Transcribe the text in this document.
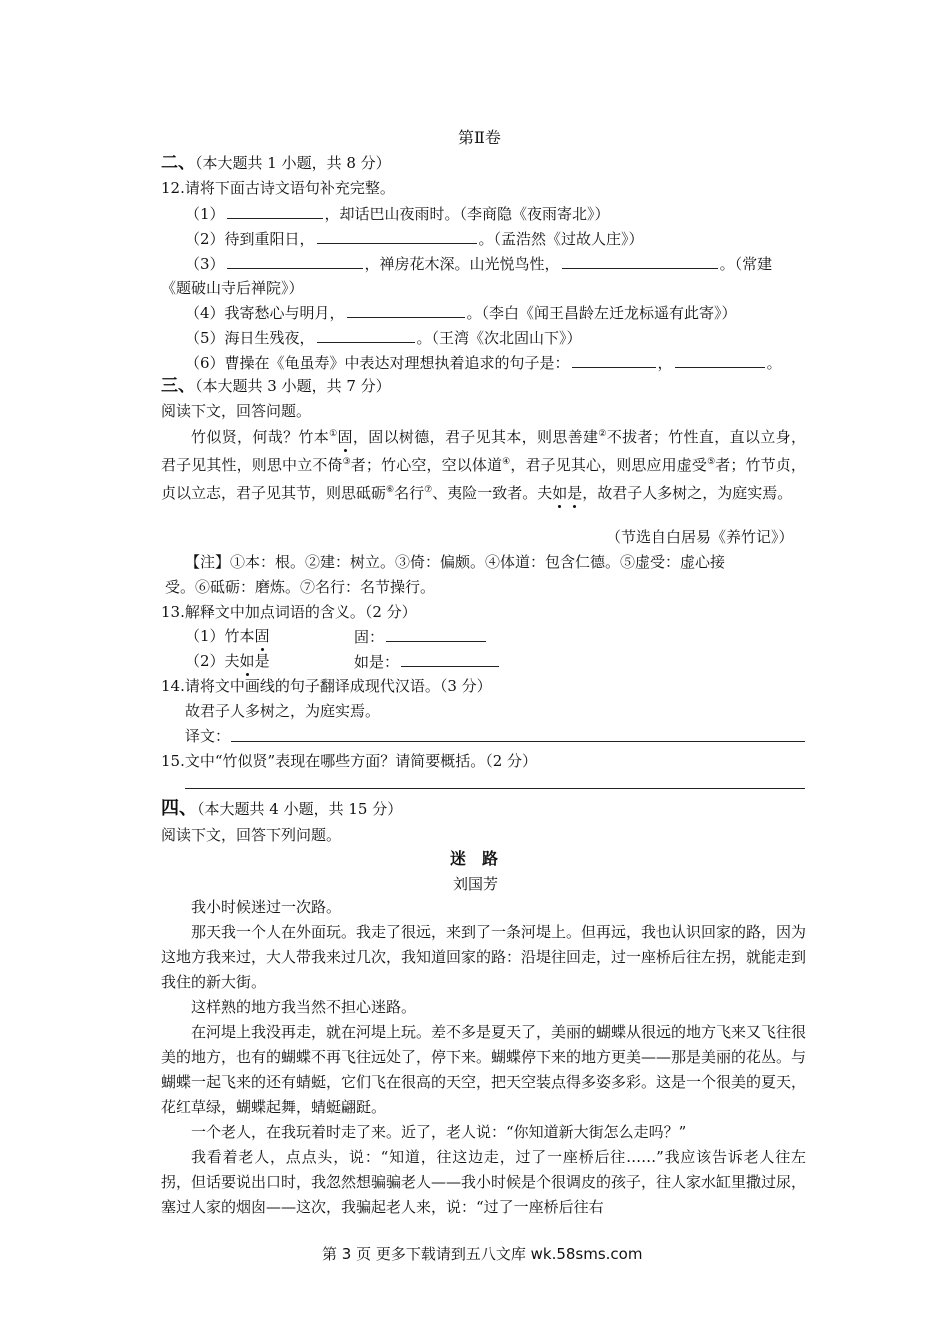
第Ⅱ卷
二、（本大题共 1 小题，共 8 分）
12.请将下面古诗文语句补充完整。
（1）	，却话巴山夜雨时。（李商隐《夜雨寄北》）
（2）待到重阳日，	。（孟浩然《过故人庄》）
（3）	，禅房花木深。山光悦鸟性，	。（常建
《题破山寺后禅院》）
（4）我寄愁心与明月，	。（李白《闻王昌龄左迁龙标遥有此寄》）
（5）海日生残夜，	。（王湾《次北固山下》）
（6）曹操在《龟虽寿》中表达对理想执着追求的句子是：	，	。
三、（本大题共 3 小题，共 7 分）
阅读下文，回答问题。
竹似贤，何哉？竹本①固，固以树德，君子见其本，则思善建②不拔者；竹性直，直以立身，君子见其性，则思中立不倚③者；竹心空，空以体道④，君子见其心，则思应用虚受⑤者；竹节贞，贞以立志，君子见其节，则思砥砺⑥名行⑦、夷险一致者。夫如是，故君子人多树之，为庭实焉。
（节选自白居易《养竹记》）
【注】①本：根。②建：树立。③倚：偏颇。④体道：包含仁德。⑤虚受：虚心接
受。⑥砥砺：磨炼。⑦名行：名节操行。
13.解释文中加点词语的含义。（2 分）
（1）竹本固	固：
（2）夫如是	如是：
14.请将文中画线的句子翻译成现代汉语。（3 分）
故君子人多树之，为庭实焉。
译文：
15.文中“竹似贤”表现在哪些方面？请简要概括。（2 分）
四、（本大题共 4 小题，共 15 分）
阅读下文，回答下列问题。
迷　路
刘国芳
我小时候迷过一次路。
那天我一个人在外面玩。我走了很远，来到了一条河堤上。但再远，我也认识回家的路，因为这地方我来过，大人带我来过几次，我知道回家的路：沿堤往回走，过一座桥后往左拐，就能走到我住的新大街。
这样熟的地方我当然不担心迷路。
在河堤上我没再走，就在河堤上玩。差不多是夏天了，美丽的蝴蝶从很远的地方飞来又飞往很美的地方，也有的蝴蝶不再飞往远处了，停下来。蝴蝶停下来的地方更美——那是美丽的花丛。与蝴蝶一起飞来的还有蜻蜓，它们飞在很高的天空，把天空装点得多姿多彩。这是一个很美的夏天，花红草绿，蝴蝶起舞，蜻蜓翩跹。
一个老人，在我玩着时走了来。近了，老人说：“你知道新大街怎么走吗？”
我看着老人，点点头，说：“知道，往这边走，过了一座桥后往……”我应该告诉老人往左拐，但话要说出口时，我忽然想骗骗老人——我小时候是个很调皮的孩子，往人家水缸里撒过尿，塞过人家的烟囱——这次，我骗起老人来，说：“过了一座桥后往右
第 3 页 更多下载请到五八文库 wk.58sms.com
